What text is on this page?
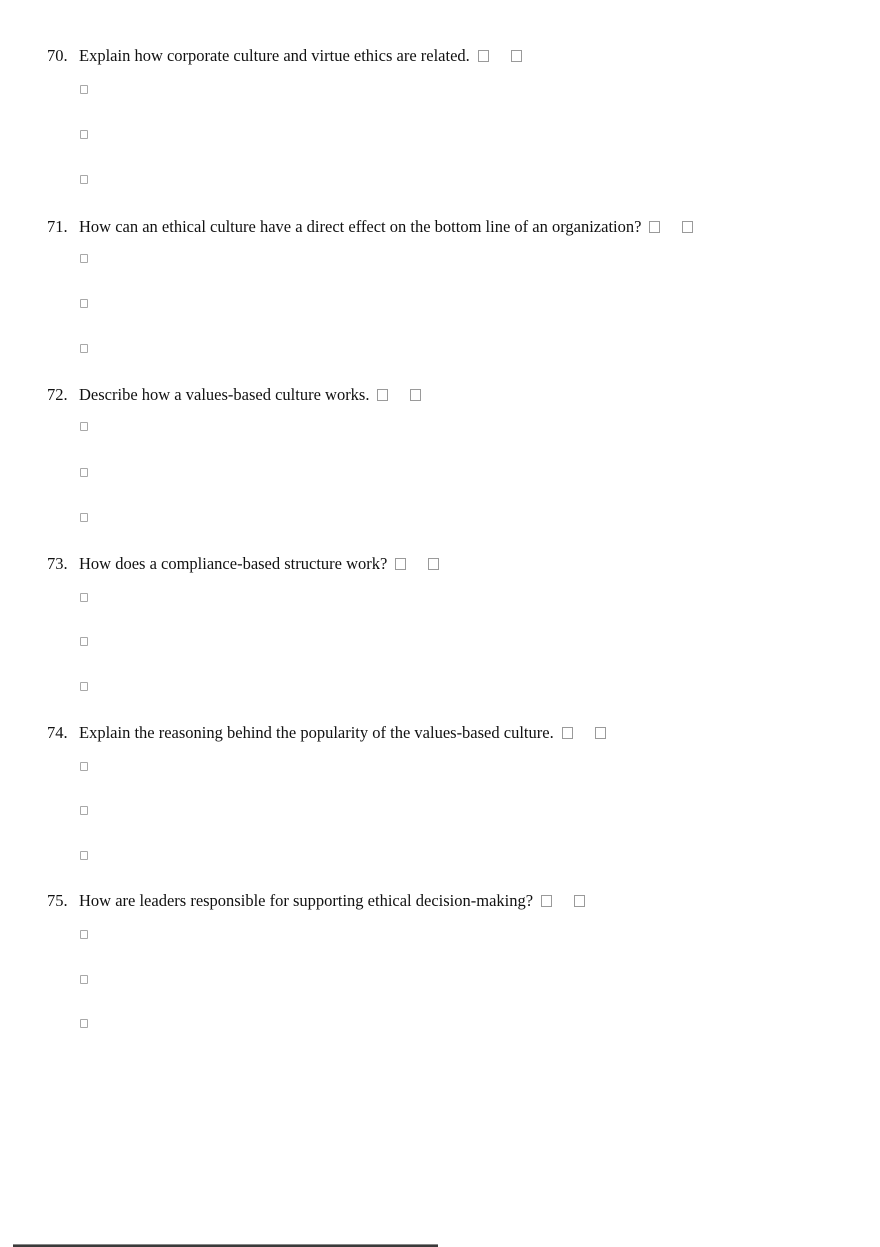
70. Explain how corporate culture and virtue ethics are related.
71. How can an ethical culture have a direct effect on the bottom line of an organization?
72. Describe how a values-based culture works.
73. How does a compliance-based structure work?
74. Explain the reasoning behind the popularity of the values-based culture.
75. How are leaders responsible for supporting ethical decision-making?
